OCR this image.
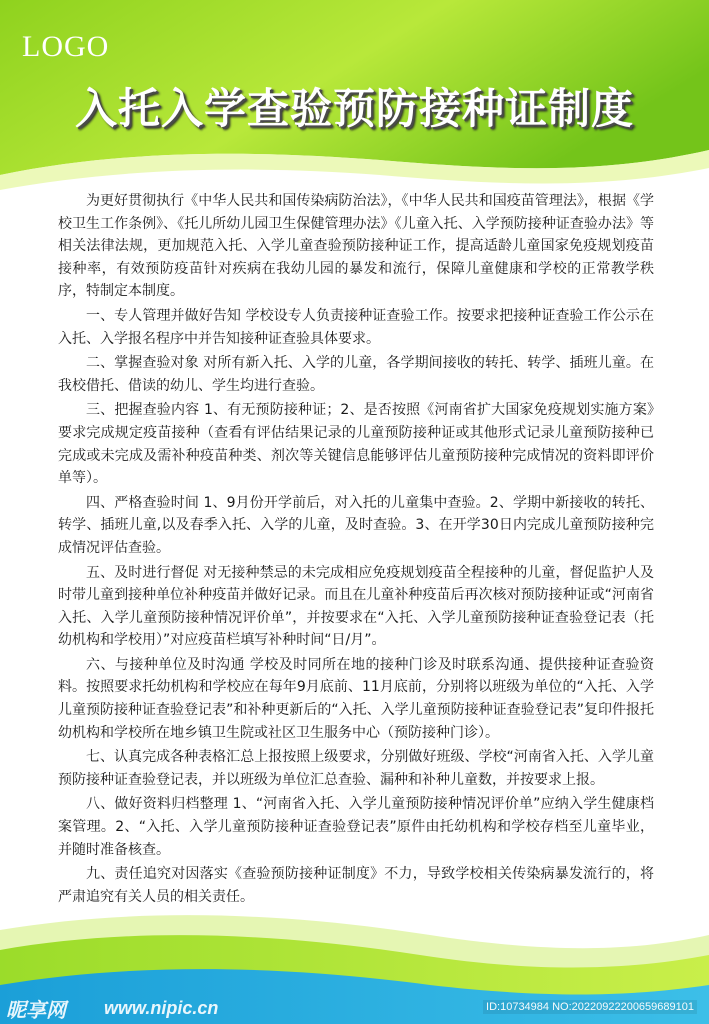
LOGO
入托入学查验预防接种证制度

为更好贯彻执行《中华人民共和国传染病防治法》，《中华人民共和国疫苗管理法》，根据《学校卫生工作条例》、《托儿所幼儿园卫生保健管理办法》《儿童入托、入学预防接种证查验办法》等相关法律法规，更加规范入托、入学儿童查验预防接种证工作，提高适龄儿童国家免疫规划疫苗接种率，有效预防疫苗针对疾病在我幼儿园的暴发和流行，保障儿童健康和学校的正常教学秩序，特制定本制度。

一、专人管理并做好告知 学校设专人负责接种证查验工作。按要求把接种证查验工作公示在入托、入学报名程序中并告知接种证查验具体要求。

二、掌握查验对象 对所有新入托、入学的儿童，各学期间接收的转托、转学、插班儿童。在我校借托、借读的幼儿、学生均进行查验。

三、把握查验内容 1、有无预防接种证；2、是否按照《河南省扩大国家免疫规划实施方案》要求完成规定疫苗接种（查看有评估结果记录的儿童预防接种证或其他形式记录儿童预防接种已完成或未完成及需补种疫苗种类、剂次等关键信息能够评估儿童预防接种完成情况的资料即评价单等）。

四、严格查验时间 1、9月份开学前后，对入托的儿童集中查验。2、学期中新接收的转托、转学、插班儿童,以及春季入托、入学的儿童，及时查验。3、在开学30日内完成儿童预防接种完成情况评估查验。

五、及时进行督促 对无接种禁忌的未完成相应免疫规划疫苗全程接种的儿童，督促监护人及时带儿童到接种单位补种疫苗并做好记录。而且在儿童补种疫苗后再次核对预防接种证或“河南省入托、入学儿童预防接种情况评价单”，并按要求在“入托、入学儿童预防接种证查验登记表（托幼机构和学校用）”对应疫苗栏填写补种时间“日/月”。

六、与接种单位及时沟通 学校及时同所在地的接种门诊及时联系沟通、提供接种证查验资料。按照要求托幼机构和学校应在每年9月底前、11月底前，分别将以班级为单位的“入托、入学儿童预防接种证查验登记表”和补种更新后的“入托、入学儿童预防接种证查验登记表”复印件报托幼机构和学校所在地乡镇卫生院或社区卫生服务中心（预防接种门诊）。

七、认真完成各种表格汇总上报按照上级要求，分别做好班级、学校“河南省入托、入学儿童预防接种证查验登记表，并以班级为单位汇总查验、漏种和补种儿童数，并按要求上报。

八、做好资料归档整理 1、“河南省入托、入学儿童预防接种情况评价单”应纳入学生健康档案管理。2、“入托、入学儿童预防接种证查验登记表”原件由托幼机构和学校存档至儿童毕业，并随时准备核查。

九、责任追究对因落实《查验预防接种证制度》不力，导致学校相关传染病暴发流行的，将严肃追究有关人员的相关责任。

昵享网 www.nipic.cn	ID:10734984 NO:20220922200659689101
